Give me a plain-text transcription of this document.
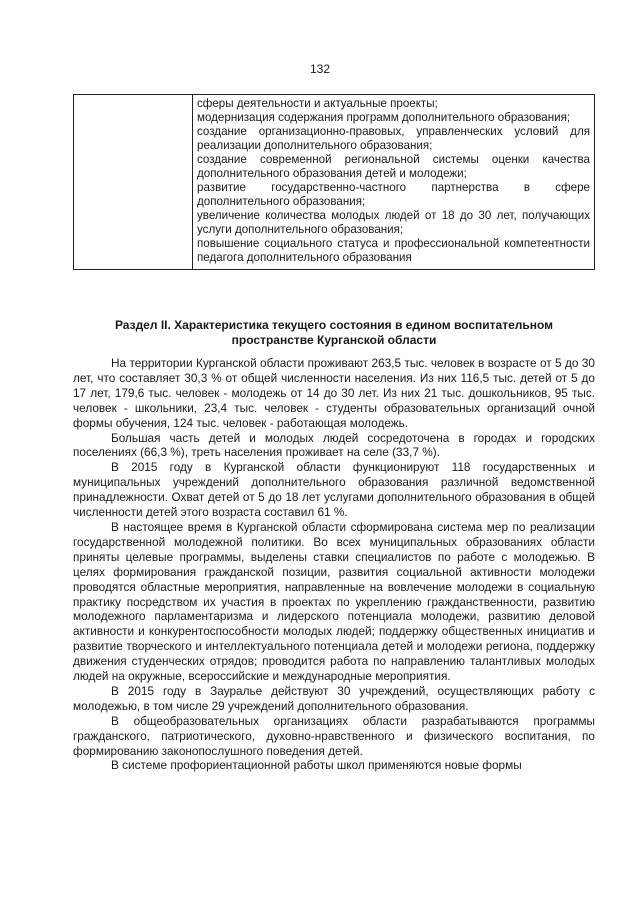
132

сферы деятельности и актуальные проекты;
модернизация содержания программ дополнительного образования;
создание организационно-правовых, управленческих условий для реализации дополнительного образования;
создание современной региональной системы оценки качества дополнительного образования детей и молодежи;
развитие государственно-частного партнерства в сфере дополнительного образования;
увеличение количества молодых людей от 18 до 30 лет, получающих услуги дополнительного образования;
повышение социального статуса и профессиональной компетентности педагога дополнительного образования
Раздел II. Характеристика текущего состояния в едином воспитательном
пространстве Курганской области

На территории Курганской области проживают 263,5 тыс. человек в возрасте от 5 до 30 лет, что составляет 30,3 % от общей численности населения. Из них 116,5 тыс. детей от 5 до 17 лет, 179,6 тыс. человек - молодежь от 14 до 30 лет. Из них 21 тыс. дошкольников, 95 тыс. человек - школьники, 23,4 тыс. человек - студенты образовательных организаций очной формы обучения, 124 тыс. человек - работающая молодежь.

Большая часть детей и молодых людей сосредоточена в городах и городских поселениях (66,3 %), треть населения проживает на селе (33,7 %).

В 2015 году в Курганской области функционируют 118 государственных и муниципальных учреждений дополнительного образования различной ведомственной принадлежности. Охват детей от 5 до 18 лет услугами дополнительного образования в общей численности детей этого возраста составил 61 %.

В настоящее время в Курганской области сформирована система мер по реализации государственной молодежной политики. Во всех муниципальных образованиях области приняты целевые программы, выделены ставки специалистов по работе с молодежью. В целях формирования гражданской позиции, развития социальной активности молодежи проводятся областные мероприятия, направленные на вовлечение молодежи в социальную практику посредством их участия в проектах по укреплению гражданственности, развитию молодежного парламентаризма и лидерского потенциала молодежи, развитию деловой активности и конкурентоспособности молодых людей; поддержку общественных инициатив и развитие творческого и интеллектуального потенциала детей и молодежи региона, поддержку движения студенческих отрядов; проводится работа по направлению талантливых молодых людей на окружные, всероссийские и международные мероприятия.

В 2015 году в Зауралье действуют 30 учреждений, осуществляющих работу с молодежью, в том числе 29 учреждений дополнительного образования.

В общеобразовательных организациях области разрабатываются программы гражданского, патриотического, духовно-нравственного и физического воспитания, по формированию законопослушного поведения детей.

В системе профориентационной работы школ применяются новые формы
